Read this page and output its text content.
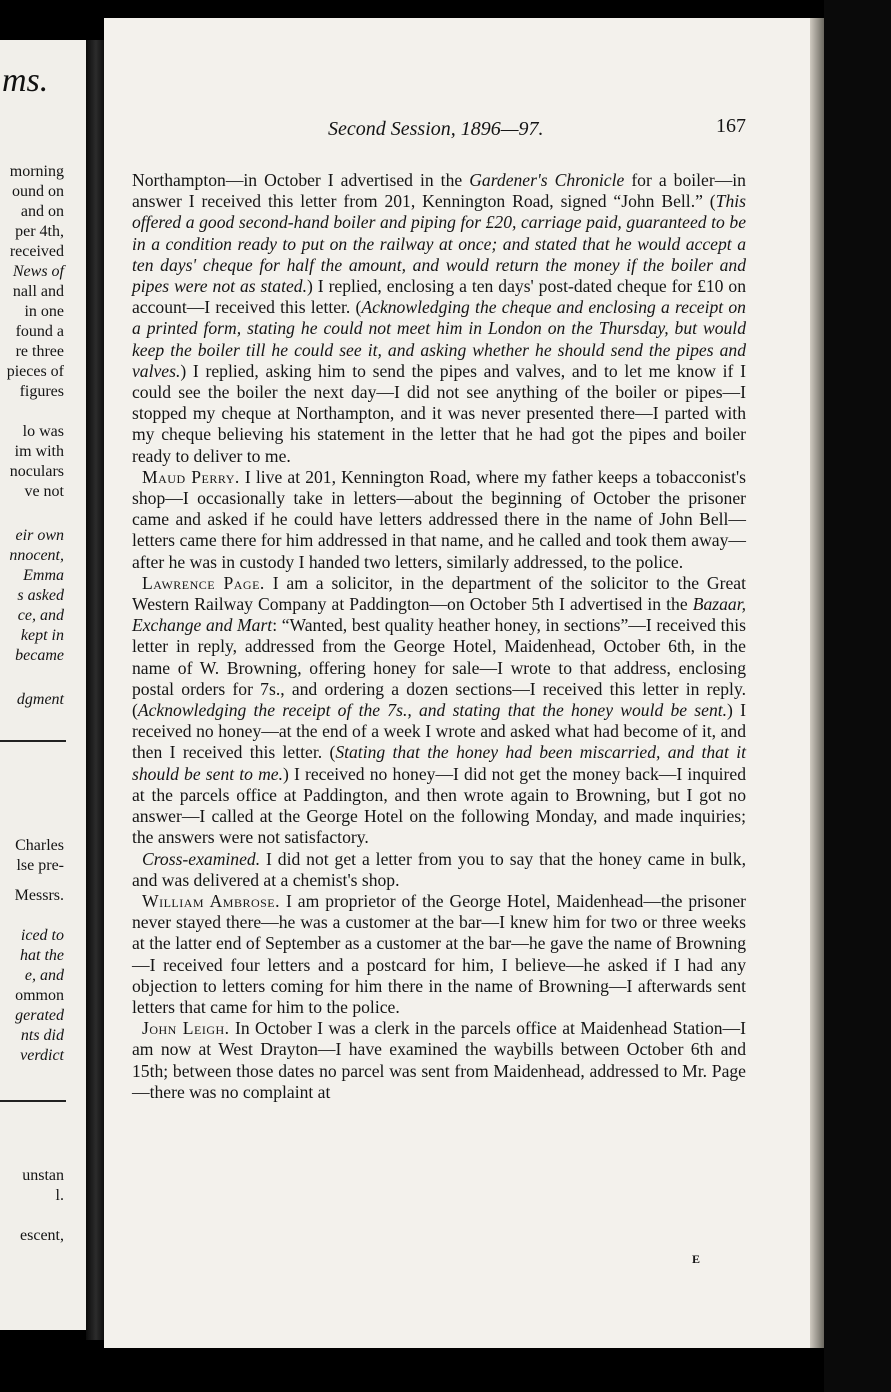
ms.
morning
ound on
and on
per 4th,
received
News of
nall and
in one
found a
re three
pieces of
figures
lo was
im with
noculars
ve not
eir own
nnocent,
Emma
s asked
ce, and
kept in
became
dgment
Charles
lse pre-
Messrs.
iced to
hat the
e, and
ommon
gerated
nts did
verdict
unstan
l.
escent,
Second Session, 1896—97.	167

Northampton—in October I advertised in the Gardener's Chronicle for a boiler—in answer I received this letter from 201, Kennington Road, signed “John Bell.” (This offered a good second-hand boiler and piping for £20, carriage paid, guaranteed to be in a condition ready to put on the railway at once; and stated that he would accept a ten days' cheque for half the amount, and would return the money if the boiler and pipes were not as stated.) I replied, enclosing a ten days' post-dated cheque for £10 on account—I received this letter. (Acknowledging the cheque and enclosing a receipt on a printed form, stating he could not meet him in London on the Thursday, but would keep the boiler till he could see it, and asking whether he should send the pipes and valves.) I replied, asking him to send the pipes and valves, and to let me know if I could see the boiler the next day—I did not see anything of the boiler or pipes—I stopped my cheque at Northampton, and it was never presented there—I parted with my cheque believing his statement in the letter that he had got the pipes and boiler ready to deliver to me.

Maud Perry. I live at 201, Kennington Road, where my father keeps a tobacconist's shop—I occasionally take in letters—about the beginning of October the prisoner came and asked if he could have letters addressed there in the name of John Bell—letters came there for him addressed in that name, and he called and took them away—after he was in custody I handed two letters, similarly addressed, to the police.

Lawrence Page. I am a solicitor, in the department of the solicitor to the Great Western Railway Company at Paddington—on October 5th I advertised in the Bazaar, Exchange and Mart: “Wanted, best quality heather honey, in sections”—I received this letter in reply, addressed from the George Hotel, Maidenhead, October 6th, in the name of W. Browning, offering honey for sale—I wrote to that address, enclosing postal orders for 7s., and ordering a dozen sections—I received this letter in reply. (Acknowledging the receipt of the 7s., and stating that the honey would be sent.) I received no honey—at the end of a week I wrote and asked what had become of it, and then I received this letter. (Stating that the honey had been miscarried, and that it should be sent to me.) I received no honey—I did not get the money back—I inquired at the parcels office at Paddington, and then wrote again to Browning, but I got no answer—I called at the George Hotel on the following Monday, and made inquiries; the answers were not satisfactory.

Cross-examined. I did not get a letter from you to say that the honey came in bulk, and was delivered at a chemist's shop.

William Ambrose. I am proprietor of the George Hotel, Maidenhead—the prisoner never stayed there—he was a customer at the bar—I knew him for two or three weeks at the latter end of September as a customer at the bar—he gave the name of Browning—I received four letters and a postcard for him, I believe—he asked if I had any objection to letters coming for him there in the name of Browning—I afterwards sent letters that came for him to the police.

John Leigh. In October I was a clerk in the parcels office at Maidenhead Station—I am now at West Drayton—I have examined the waybills between October 6th and 15th; between those dates no parcel was sent from Maidenhead, addressed to Mr. Page—there was no complaint at

E
